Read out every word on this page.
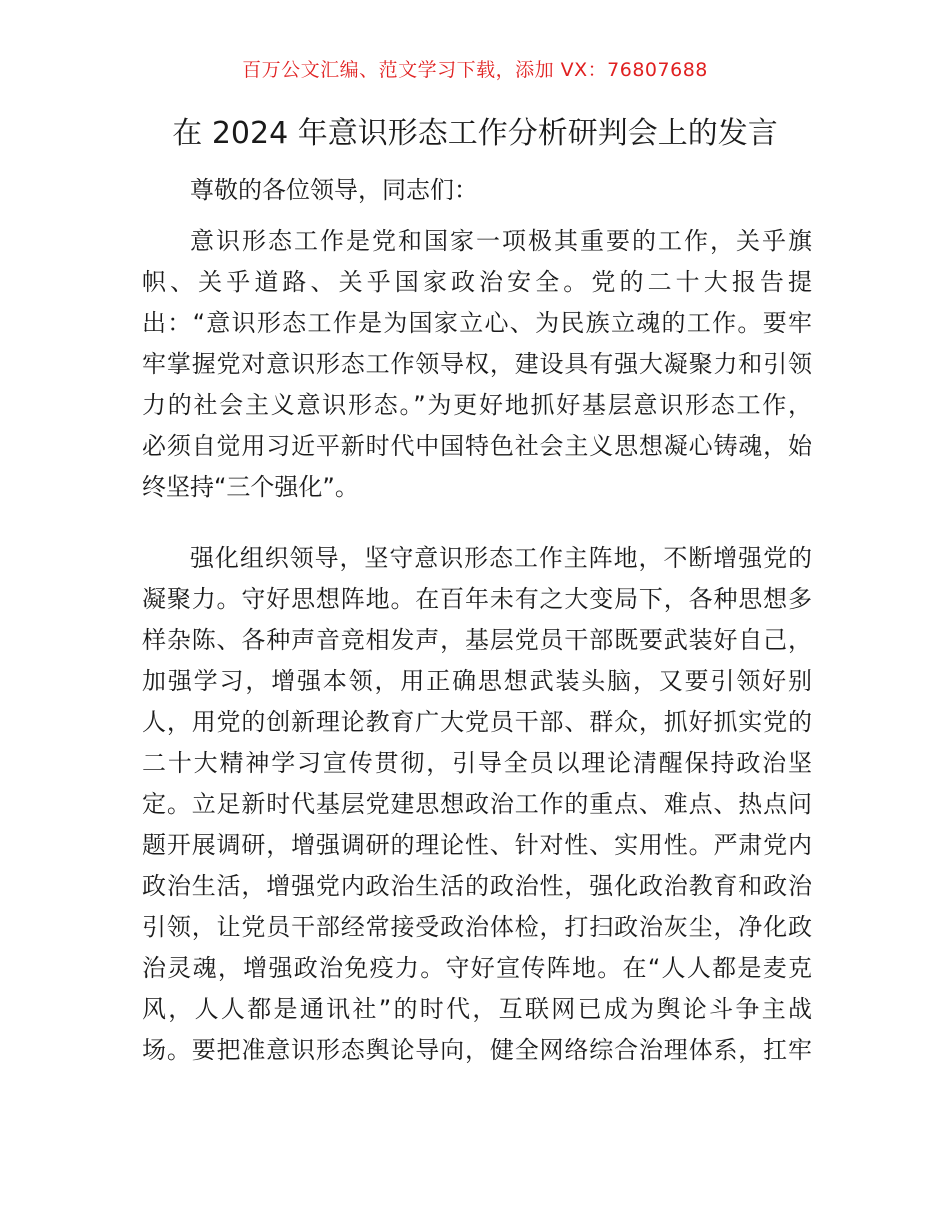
百万公文汇编、范文学习下载，添加 VX：76807688
在 2024 年意识形态工作分析研判会上的发言
尊敬的各位领导，同志们：
意识形态工作是党和国家一项极其重要的工作，关乎旗
帜、关乎道路、关乎国家政治安全。党的二十大报告提
出：“意识形态工作是为国家立心、为民族立魂的工作。要牢
牢掌握党对意识形态工作领导权，建设具有强大凝聚力和引领
力的社会主义意识形态。”为更好地抓好基层意识形态工作，
必须自觉用习近平新时代中国特色社会主义思想凝心铸魂，始
终坚持“三个强化”。
强化组织领导，坚守意识形态工作主阵地，不断增强党的
凝聚力。守好思想阵地。在百年未有之大变局下，各种思想多
样杂陈、各种声音竞相发声，基层党员干部既要武装好自己，
加强学习，增强本领，用正确思想武装头脑，又要引领好别
人，用党的创新理论教育广大党员干部、群众，抓好抓实党的
二十大精神学习宣传贯彻，引导全员以理论清醒保持政治坚
定。立足新时代基层党建思想政治工作的重点、难点、热点问
题开展调研，增强调研的理论性、针对性、实用性。严肃党内
政治生活，增强党内政治生活的政治性，强化政治教育和政治
引领，让党员干部经常接受政治体检，打扫政治灰尘，净化政
治灵魂，增强政治免疫力。守好宣传阵地。在“人人都是麦克
风，人人都是通讯社”的时代，互联网已成为舆论斗争主战
场。要把准意识形态舆论导向，健全网络综合治理体系，扛牢
